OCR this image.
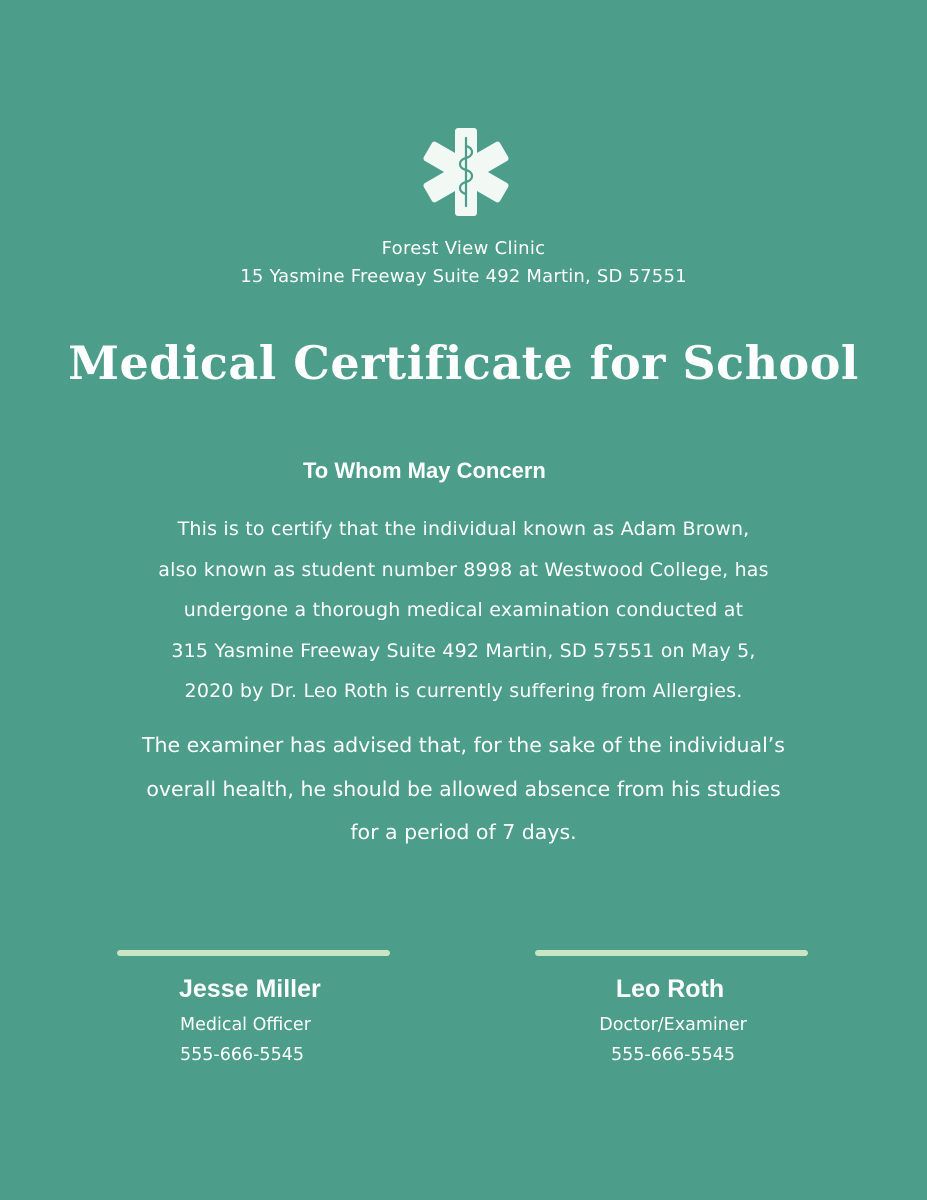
Forest View Clinic
15 Yasmine Freeway Suite 492 Martin, SD 57551
Medical Certificate for School
To Whom May Concern
This is to certify that the individual known as Adam Brown,
also known as student number 8998 at Westwood College, has
undergone a thorough medical examination conducted at
315 Yasmine Freeway Suite 492 Martin, SD 57551 on May 5,
2020 by Dr. Leo Roth is currently suffering from Allergies.
The examiner has advised that, for the sake of the individual’s
overall health, he should be allowed absence from his studies
for a period of 7 days.
Jesse Miller
Medical Officer
555-666-5545
Leo Roth
Doctor/Examiner
555-666-5545
